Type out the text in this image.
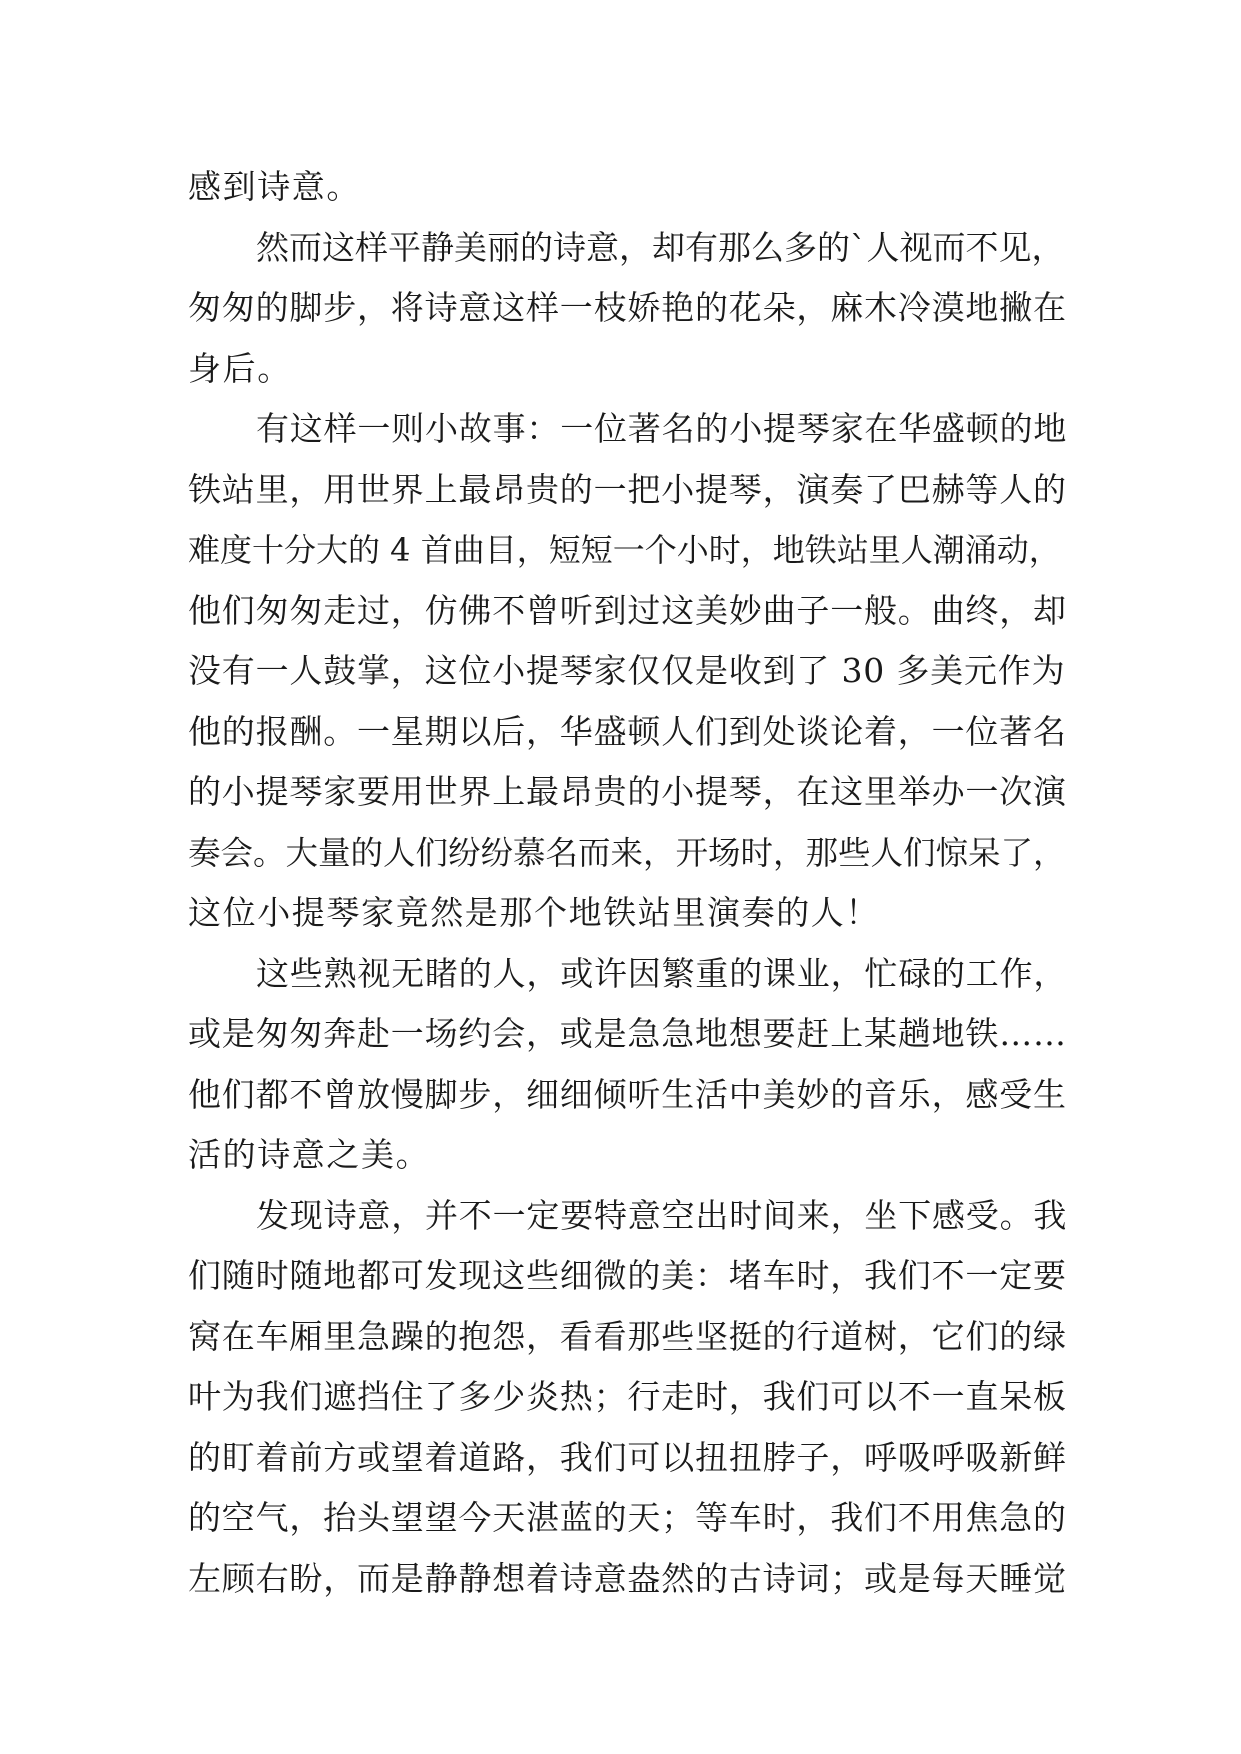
感到诗意。
然而这样平静美丽的诗意，却有那么多的`人视而不见，
匆匆的脚步，将诗意这样一枝娇艳的花朵，麻木冷漠地撇在
身后。
有这样一则小故事：一位著名的小提琴家在华盛顿的地
铁站里，用世界上最昂贵的一把小提琴，演奏了巴赫等人的
难度十分大的 4 首曲目，短短一个小时，地铁站里人潮涌动，
他们匆匆走过，仿佛不曾听到过这美妙曲子一般。曲终，却
没有一人鼓掌，这位小提琴家仅仅是收到了 30 多美元作为
他的报酬。一星期以后，华盛顿人们到处谈论着，一位著名
的小提琴家要用世界上最昂贵的小提琴，在这里举办一次演
奏会。大量的人们纷纷慕名而来，开场时，那些人们惊呆了，
这位小提琴家竟然是那个地铁站里演奏的人！
这些熟视无睹的人，或许因繁重的课业，忙碌的工作，
或是匆匆奔赴一场约会，或是急急地想要赶上某趟地铁……
他们都不曾放慢脚步，细细倾听生活中美妙的音乐，感受生
活的诗意之美。
发现诗意，并不一定要特意空出时间来，坐下感受。我
们随时随地都可发现这些细微的美：堵车时，我们不一定要
窝在车厢里急躁的抱怨，看看那些坚挺的行道树，它们的绿
叶为我们遮挡住了多少炎热；行走时，我们可以不一直呆板
的盯着前方或望着道路，我们可以扭扭脖子，呼吸呼吸新鲜
的空气，抬头望望今天湛蓝的天；等车时，我们不用焦急的
左顾右盼，而是静静想着诗意盎然的古诗词；或是每天睡觉
